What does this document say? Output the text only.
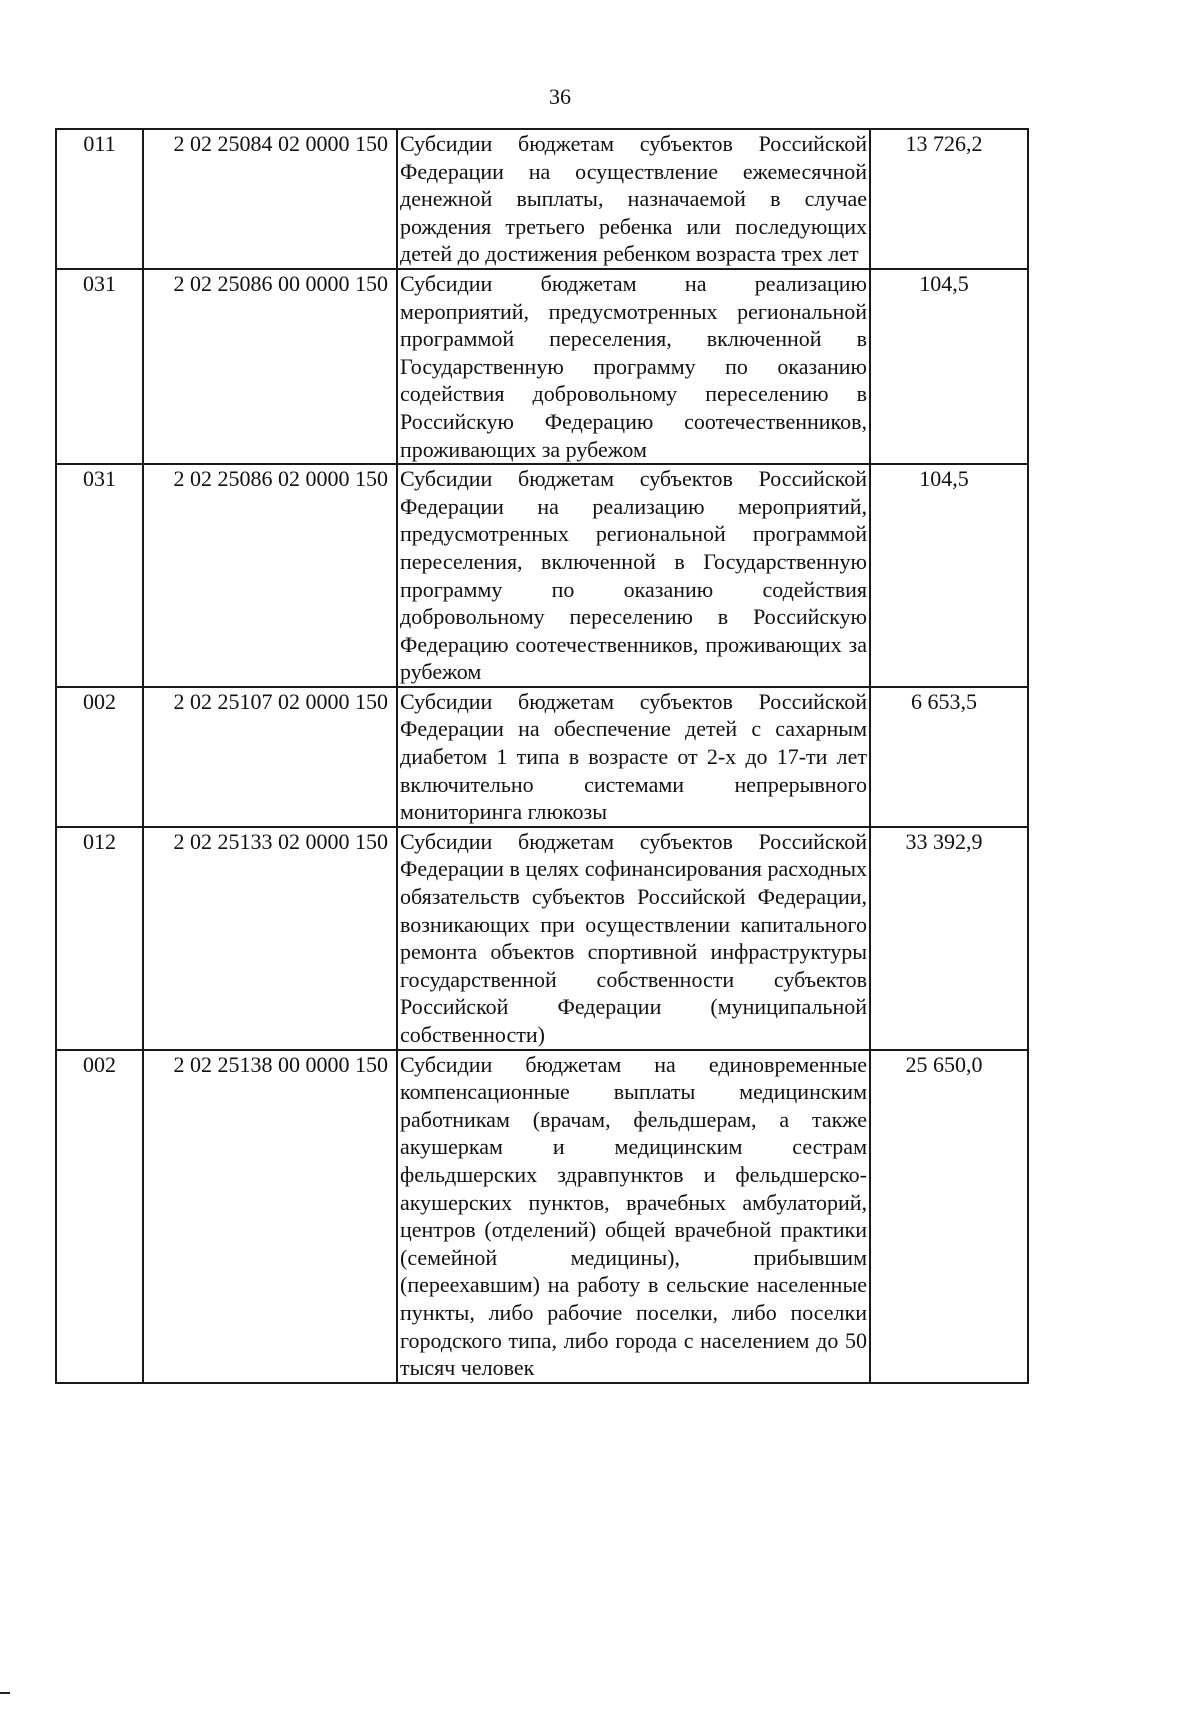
36
011	2 02 25084 02 0000 150	Субсидии бюджетам субъектов Российской Федерации на осуществление ежемесячной денежной выплаты, назначаемой в случае рождения третьего ребенка или последующих детей до достижения ребенком возраста трех лет	13 726,2
031	2 02 25086 00 0000 150	Субсидии бюджетам на реализацию мероприятий, предусмотренных региональной программой переселения, включенной в Государственную программу по оказанию содействия добровольному переселению в Российскую Федерацию соотечественников, проживающих за рубежом	104,5
031	2 02 25086 02 0000 150	Субсидии бюджетам субъектов Российской Федерации на реализацию мероприятий, предусмотренных региональной программой переселения, включенной в Государственную программу по оказанию содействия добровольному переселению в Российскую Федерацию соотечественников, проживающих за рубежом	104,5
002	2 02 25107 02 0000 150	Субсидии бюджетам субъектов Российской Федерации на обеспечение детей с сахарным диабетом 1 типа в возрасте от 2-х до 17-ти лет включительно системами непрерывного мониторинга глюкозы	6 653,5
012	2 02 25133 02 0000 150	Субсидии бюджетам субъектов Российской Федерации в целях софинансирования расходных обязательств субъектов Российской Федерации, возникающих при осуществлении капитального ремонта объектов спортивной инфраструктуры государственной собственности субъектов Российской Федерации (муниципальной собственности)	33 392,9
002	2 02 25138 00 0000 150	Субсидии бюджетам на единовременные компенсационные выплаты медицинским работникам (врачам, фельдшерам, а также акушеркам и медицинским сестрам фельдшерских здравпунктов и фельдшерско-акушерских пунктов, врачебных амбулаторий, центров (отделений) общей врачебной практики (семейной медицины), прибывшим (переехавшим) на работу в сельские населенные пункты, либо рабочие поселки, либо поселки городского типа, либо города с населением до 50 тысяч человек	25 650,0
